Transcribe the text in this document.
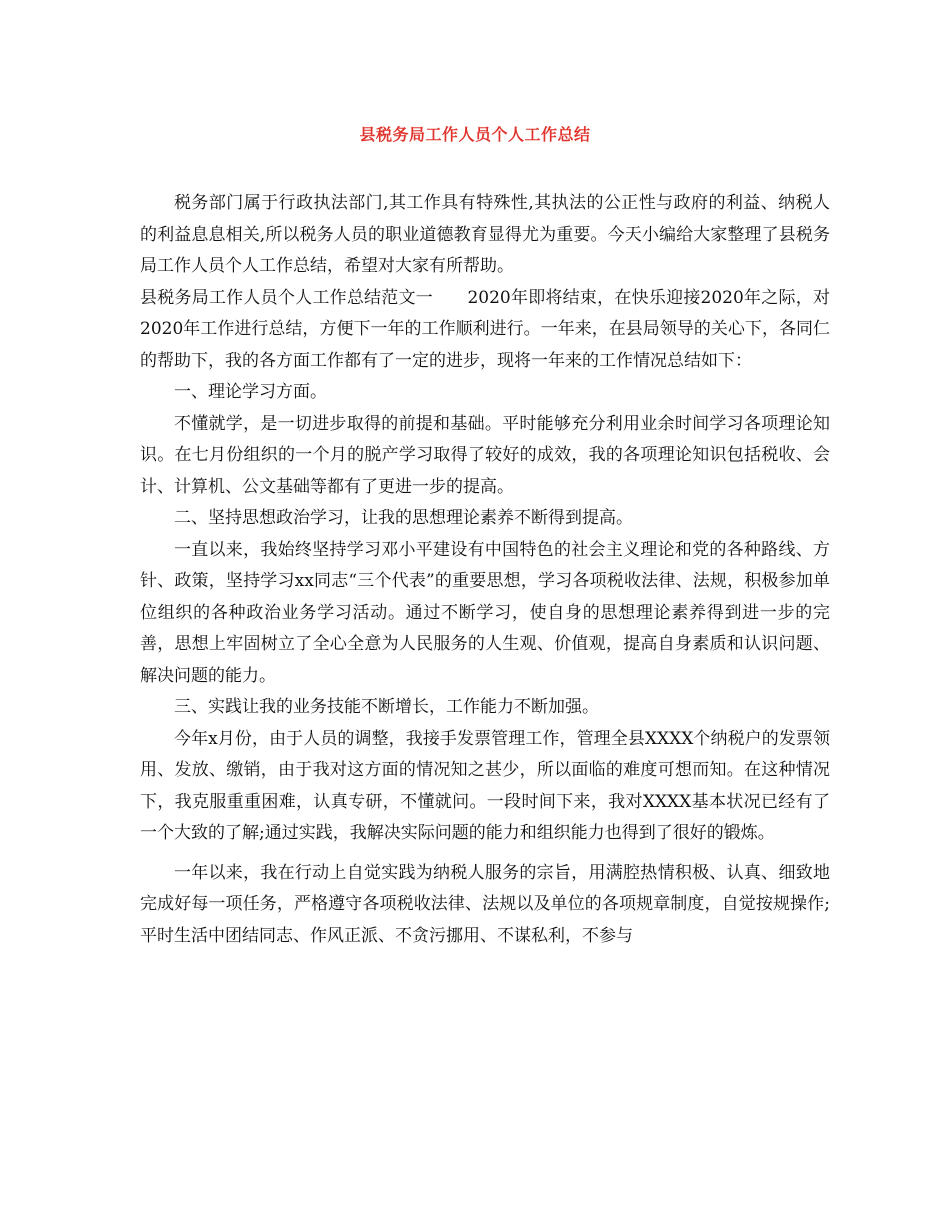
县税务局工作人员个人工作总结

税务部门属于行政执法部门,其工作具有特殊性,其执法的公正性与政府的利益、纳税人的利益息息相关,所以税务人员的职业道德教育显得尤为重要。今天小编给大家整理了县税务局工作人员个人工作总结，希望对大家有所帮助。

县税务局工作人员个人工作总结范文一　　2020年即将结束，在快乐迎接2020年之际，对2020年工作进行总结，方便下一年的工作顺利进行。一年来，在县局领导的关心下，各同仁的帮助下，我的各方面工作都有了一定的进步，现将一年来的工作情况总结如下：

一、理论学习方面。

不懂就学，是一切进步取得的前提和基础。平时能够充分利用业余时间学习各项理论知识。在七月份组织的一个月的脱产学习取得了较好的成效，我的各项理论知识包括税收、会计、计算机、公文基础等都有了更进一步的提高。

二、坚持思想政治学习，让我的思想理论素养不断得到提高。

一直以来，我始终坚持学习邓小平建设有中国特色的社会主义理论和党的各种路线、方针、政策，坚持学习xx同志“三个代表”的重要思想，学习各项税收法律、法规，积极参加单位组织的各种政治业务学习活动。通过不断学习，使自身的思想理论素养得到进一步的完善，思想上牢固树立了全心全意为人民服务的人生观、价值观，提高自身素质和认识问题、解决问题的能力。

三、实践让我的业务技能不断增长，工作能力不断加强。

今年x月份，由于人员的调整，我接手发票管理工作，管理全县XXXX个纳税户的发票领用、发放、缴销，由于我对这方面的情况知之甚少，所以面临的难度可想而知。在这种情况下，我克服重重困难，认真专研，不懂就问。一段时间下来，我对XXXX基本状况已经有了一个大致的了解;通过实践，我解决实际问题的能力和组织能力也得到了很好的锻炼。

一年以来，我在行动上自觉实践为纳税人服务的宗旨，用满腔热情积极、认真、细致地完成好每一项任务，严格遵守各项税收法律、法规以及单位的各项规章制度，自觉按规操作;平时生活中团结同志、作风正派、不贪污挪用、不谋私利，不参与
